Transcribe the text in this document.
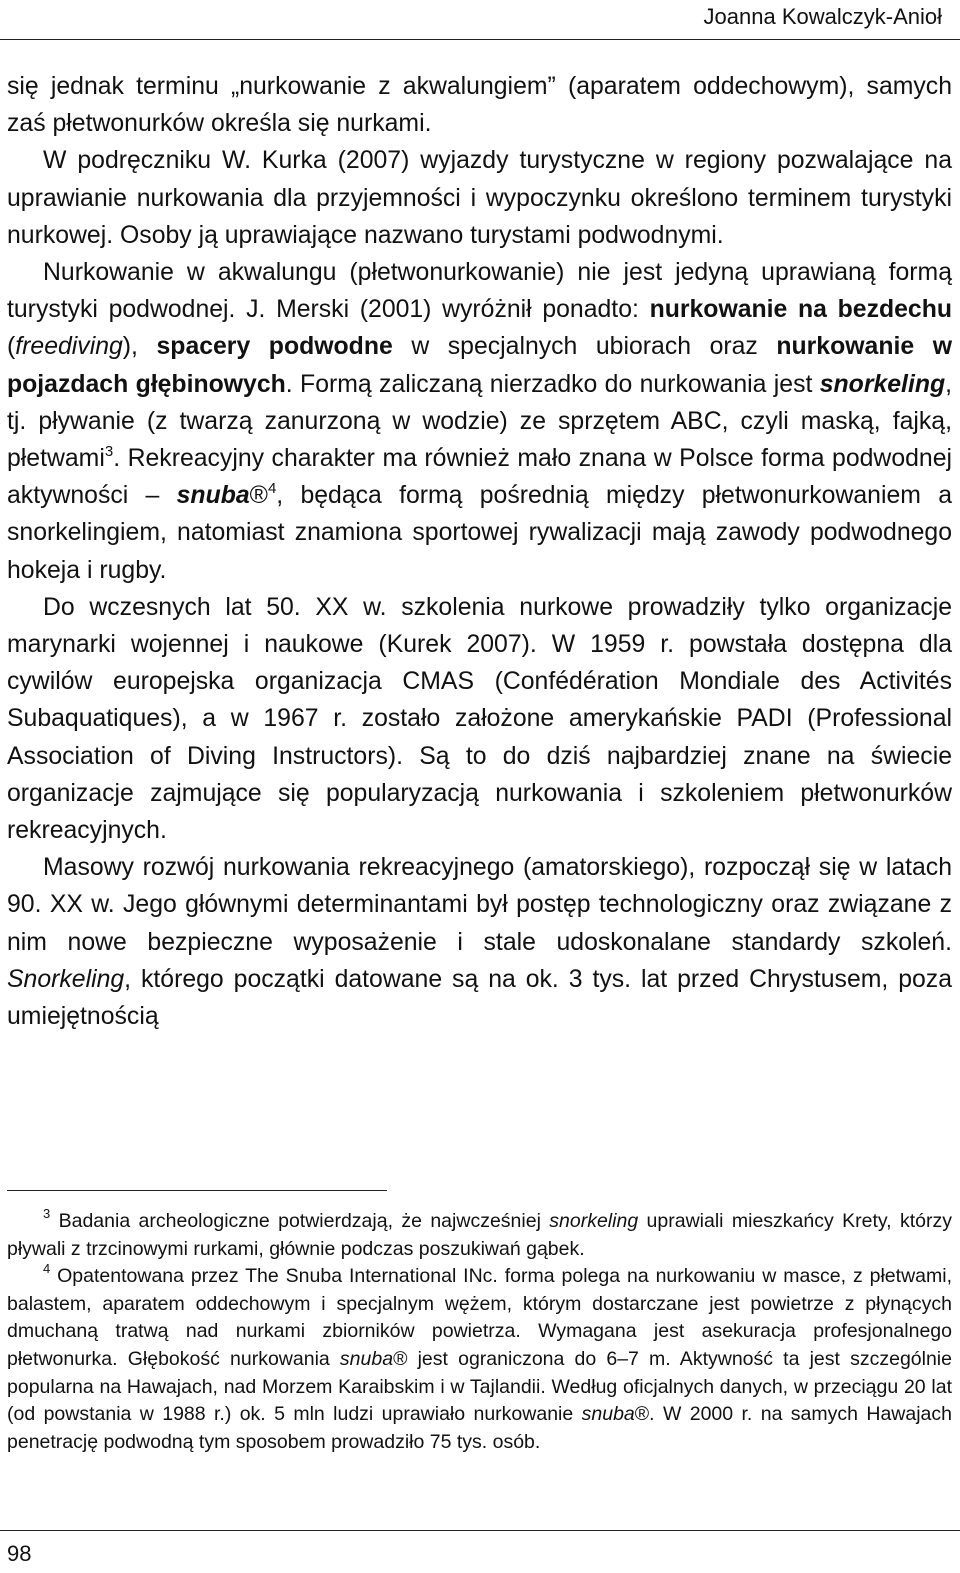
Joanna Kowalczyk-Anioł

się jednak terminu „nurkowanie z akwalungiem” (aparatem oddechowym), samych zaś płetwonurków określa się nurkami.

W podręczniku W. Kurka (2007) wyjazdy turystyczne w regiony pozwalające na uprawianie nurkowania dla przyjemności i wypoczynku określono terminem turystyki nurkowej. Osoby ją uprawiające nazwano turystami podwodnymi.

Nurkowanie w akwalungu (płetwonurkowanie) nie jest jedyną uprawianą formą turystyki podwodnej. J. Merski (2001) wyróżnił ponadto: nurkowanie na bezdechu (freediving), spacery podwodne w specjalnych ubiorach oraz nurkowanie w pojazdach głębinowych. Formą zaliczaną nierzadko do nurkowania jest snorkeling, tj. pływanie (z twarzą zanurzoną w wodzie) ze sprzętem ABC, czyli maską, fajką, płetwami$^3$. Rekreacyjny charakter ma również mało znana w Polsce forma podwodnej aktywności – snuba®$^4$, będąca formą pośrednią między płetwonurkowaniem a snorkelingiem, natomiast znamiona sportowej rywalizacji mają zawody podwodnego hokeja i rugby.

Do wczesnych lat 50. XX w. szkolenia nurkowe prowadziły tylko organizacje marynarki wojennej i naukowe (Kurek 2007). W 1959 r. powstała dostępna dla cywilów europejska organizacja CMAS (Confédération Mondiale des Activités Subaquatiques), a w 1967 r. zostało założone amerykańskie PADI (Professional Association of Diving Instructors). Są to do dziś najbardziej znane na świecie organizacje zajmujące się popularyzacją nurkowania i szkoleniem płetwonurków rekreacyjnych.

Masowy rozwój nurkowania rekreacyjnego (amatorskiego), rozpoczął się w latach 90. XX w. Jego głównymi determinantami był postęp technologiczny oraz związane z nim nowe bezpieczne wyposażenie i stale udoskonalane standardy szkoleń. Snorkeling, którego początki datowane są na ok. 3 tys. lat przed Chrystusem, poza umiejętnością

$^3$ Badania archeologiczne potwierdzają, że najwcześniej snorkeling uprawiali mieszkańcy Krety, którzy pływali z trzcinowymi rurkami, głównie podczas poszukiwań gąbek.

$^4$ Opatentowana przez The Snuba International INc. forma polega na nurkowaniu w masce, z płetwami, balastem, aparatem oddechowym i specjalnym wężem, którym dostarczane jest powietrze z płynących dmuchaną tratwą nad nurkami zbiorników powietrza. Wymagana jest asekuracja profesjonalnego płetwonurka. Głębokość nurkowania snuba® jest ograniczona do 6–7 m. Aktywność ta jest szczególnie popularna na Hawajach, nad Morzem Karaibskim i w Tajlandii. Według oficjalnych danych, w przeciągu 20 lat (od powstania w 1988 r.) ok. 5 mln ludzi uprawiało nurkowanie snuba®. W 2000 r. na samych Hawajach penetrację podwodną tym sposobem prowadziło 75 tys. osób.

98
